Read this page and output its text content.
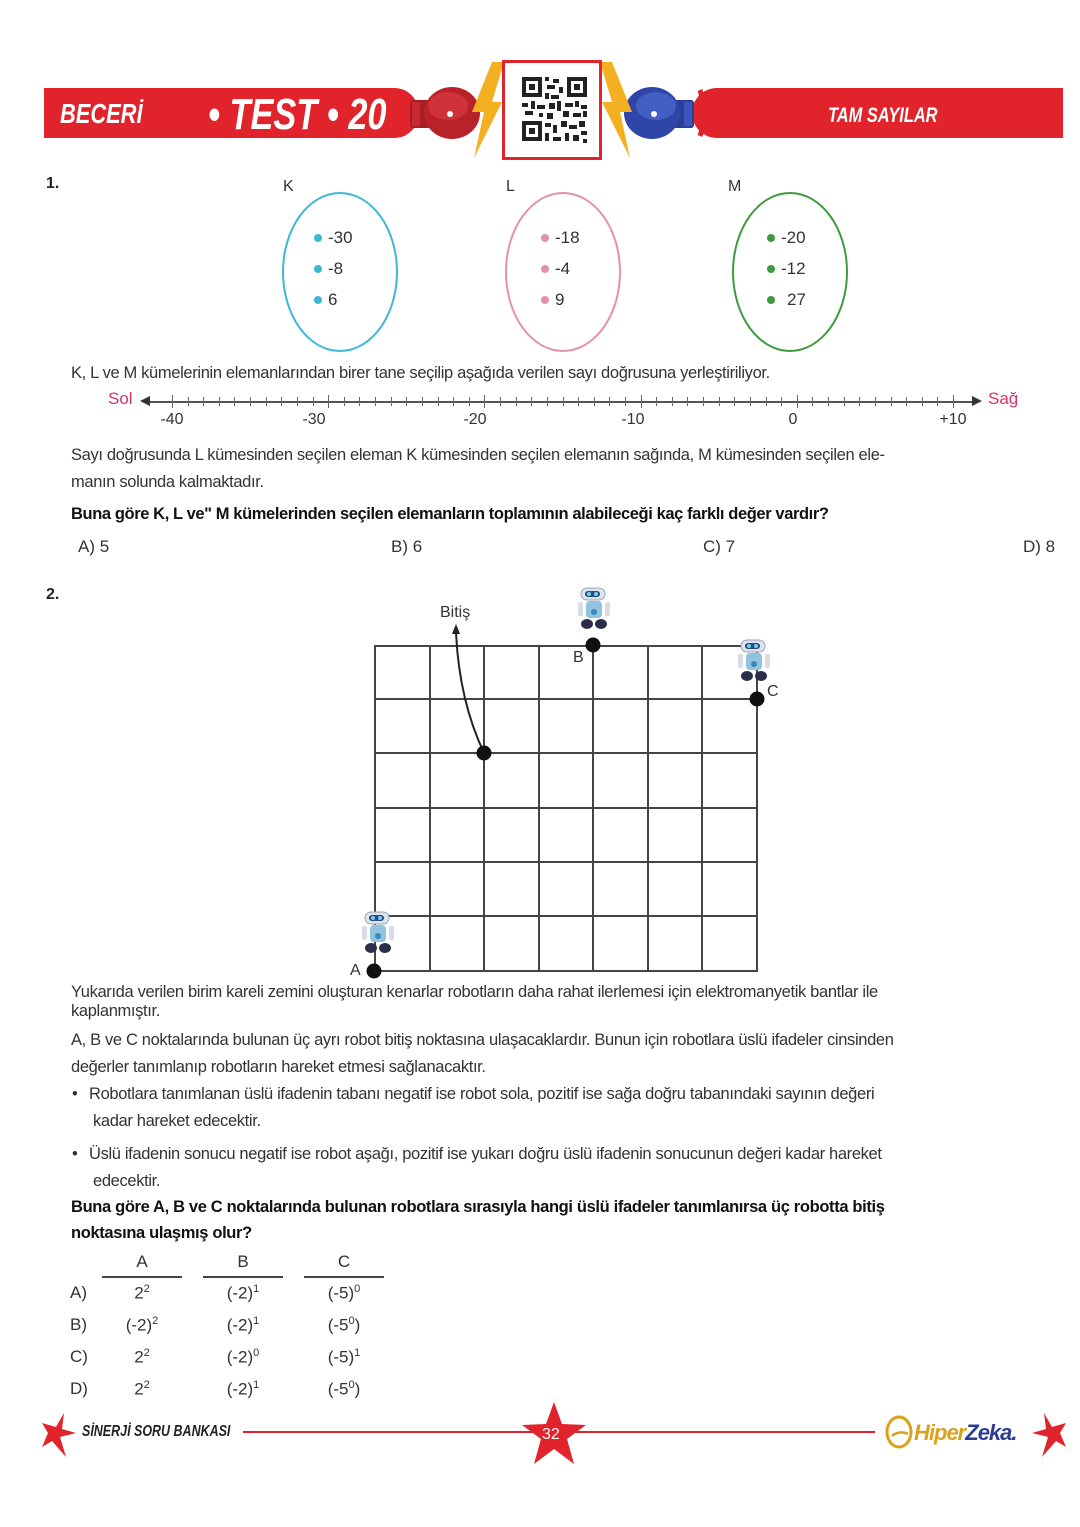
BECERİ • TEST • 20	TAM SAYILAR
1.	K
-30
-8
6
L
-18
-4
9
M
-20
-12
27
K, L ve M kümelerinin elemanlarından birer tane seçilip aşağıda verilen sayı doğrusuna yerleştiriliyor.
Sol	Sağ
-40	-30	-20	-10	0	+10
Sayı doğrusunda L kümesinden seçilen eleman K kümesinden seçilen elemanın sağında, M kümesinden seçilen ele-
manın solunda kalmaktadır.
Buna göre K, L ve" M kümelerinden seçilen elemanların toplamının alabileceği kaç farklı değer vardır?
A) 5	B) 6	C) 7	D) 8
2.
Bitiş
B
C
A
Yukarıda verilen birim kareli zemini oluşturan kenarlar robotların daha rahat ilerlemesi için elektromanyetik bantlar ile
kaplanmıştır.
A, B ve C noktalarında bulunan üç ayrı robot bitiş noktasına ulaşacaklardır. Bunun için robotlara üslü ifadeler cinsinden
değerler tanımlanıp robotların hareket etmesi sağlanacaktır.
• Robotlara tanımlanan üslü ifadenin tabanı negatif ise robot sola, pozitif ise sağa doğru tabanındaki sayının değeri
kadar hareket edecektir.
• Üslü ifadenin sonucu negatif ise robot aşağı, pozitif ise yukarı doğru üslü ifadenin sonucunun değeri kadar hareket
edecektir.
Buna göre A, B ve C noktalarında bulunan robotlara sırasıyla hangi üslü ifadeler tanımlanırsa üç robotta bitiş
noktasına ulaşmış olur?
A	B	C
A)	$2^2$	$(-2)^1$	$(-5)^0$
B)	$(-2)^2$	$(-2)^1$	$(-5^0)$
C)	$2^2$	$(-2)^0$	$(-5)^1$
D)	$2^2$	$(-2)^1$	$(-5^0)$
SİNERJİ SORU BANKASI	32	HiperZeka.
